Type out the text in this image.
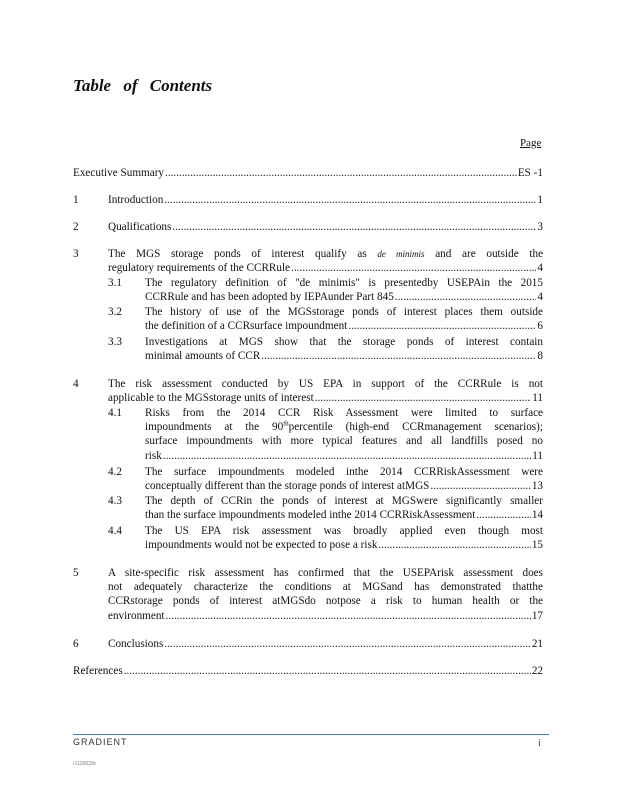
Table of Contents
Page
Executive Summary .....	ES -1
1	Introduction .....	1
2	Qualifications .....	3
3	The MGS storage ponds of interest qualify as de minimis and are outside the
regulatory requirements of the CCRRule .....	4
3.1 The regulatory definition of "de minimis" is presentedby USEPAin the 2015
CCRRule and has been adopted by IEPAunder Part 845 .....	4
3.2 The history of use of the MGSstorage ponds of interest places them outside
the definition of a CCRsurface impoundment .....	6
3.3 Investigations at MGS show that the storage ponds of interest contain
minimal amounts of CCR .....	8
4	The risk assessment conducted by US EPA in support of the CCRRule is not
applicable to the MGSstorage units of interest .....	11
4.1 Risks from the 2014 CCR Risk Assessment were limited to surface
impoundments at the 90thpercentile (high-end CCRmanagement scenarios);
surface impoundments with more typical features and all landfills posed no
risk .....	11
4.2 The surface impoundments modeled inthe 2014 CCRRiskAssessment were
conceptually different than the storage ponds of interest atMGS .....	13
4.3 The depth of CCRin the ponds of interest at MGSwere significantly smaller
than the surface impoundments modeled inthe 2014 CCRRiskAssessment .....	14
4.4 The US EPA risk assessment was broadly applied even though most
impoundments would not be expected to pose a risk .....	15
5	A site-specific risk assessment has confirmed that the USEPArisk assessment does
not adequately characterize the conditions at MGSand has demonstrated thatthe
CCRstorage ponds of interest atMGSdo notpose a risk to human health or the
environment .....	17
6	Conclusions .....	21
References .....	22
GRADIENT	i
r1120029c
